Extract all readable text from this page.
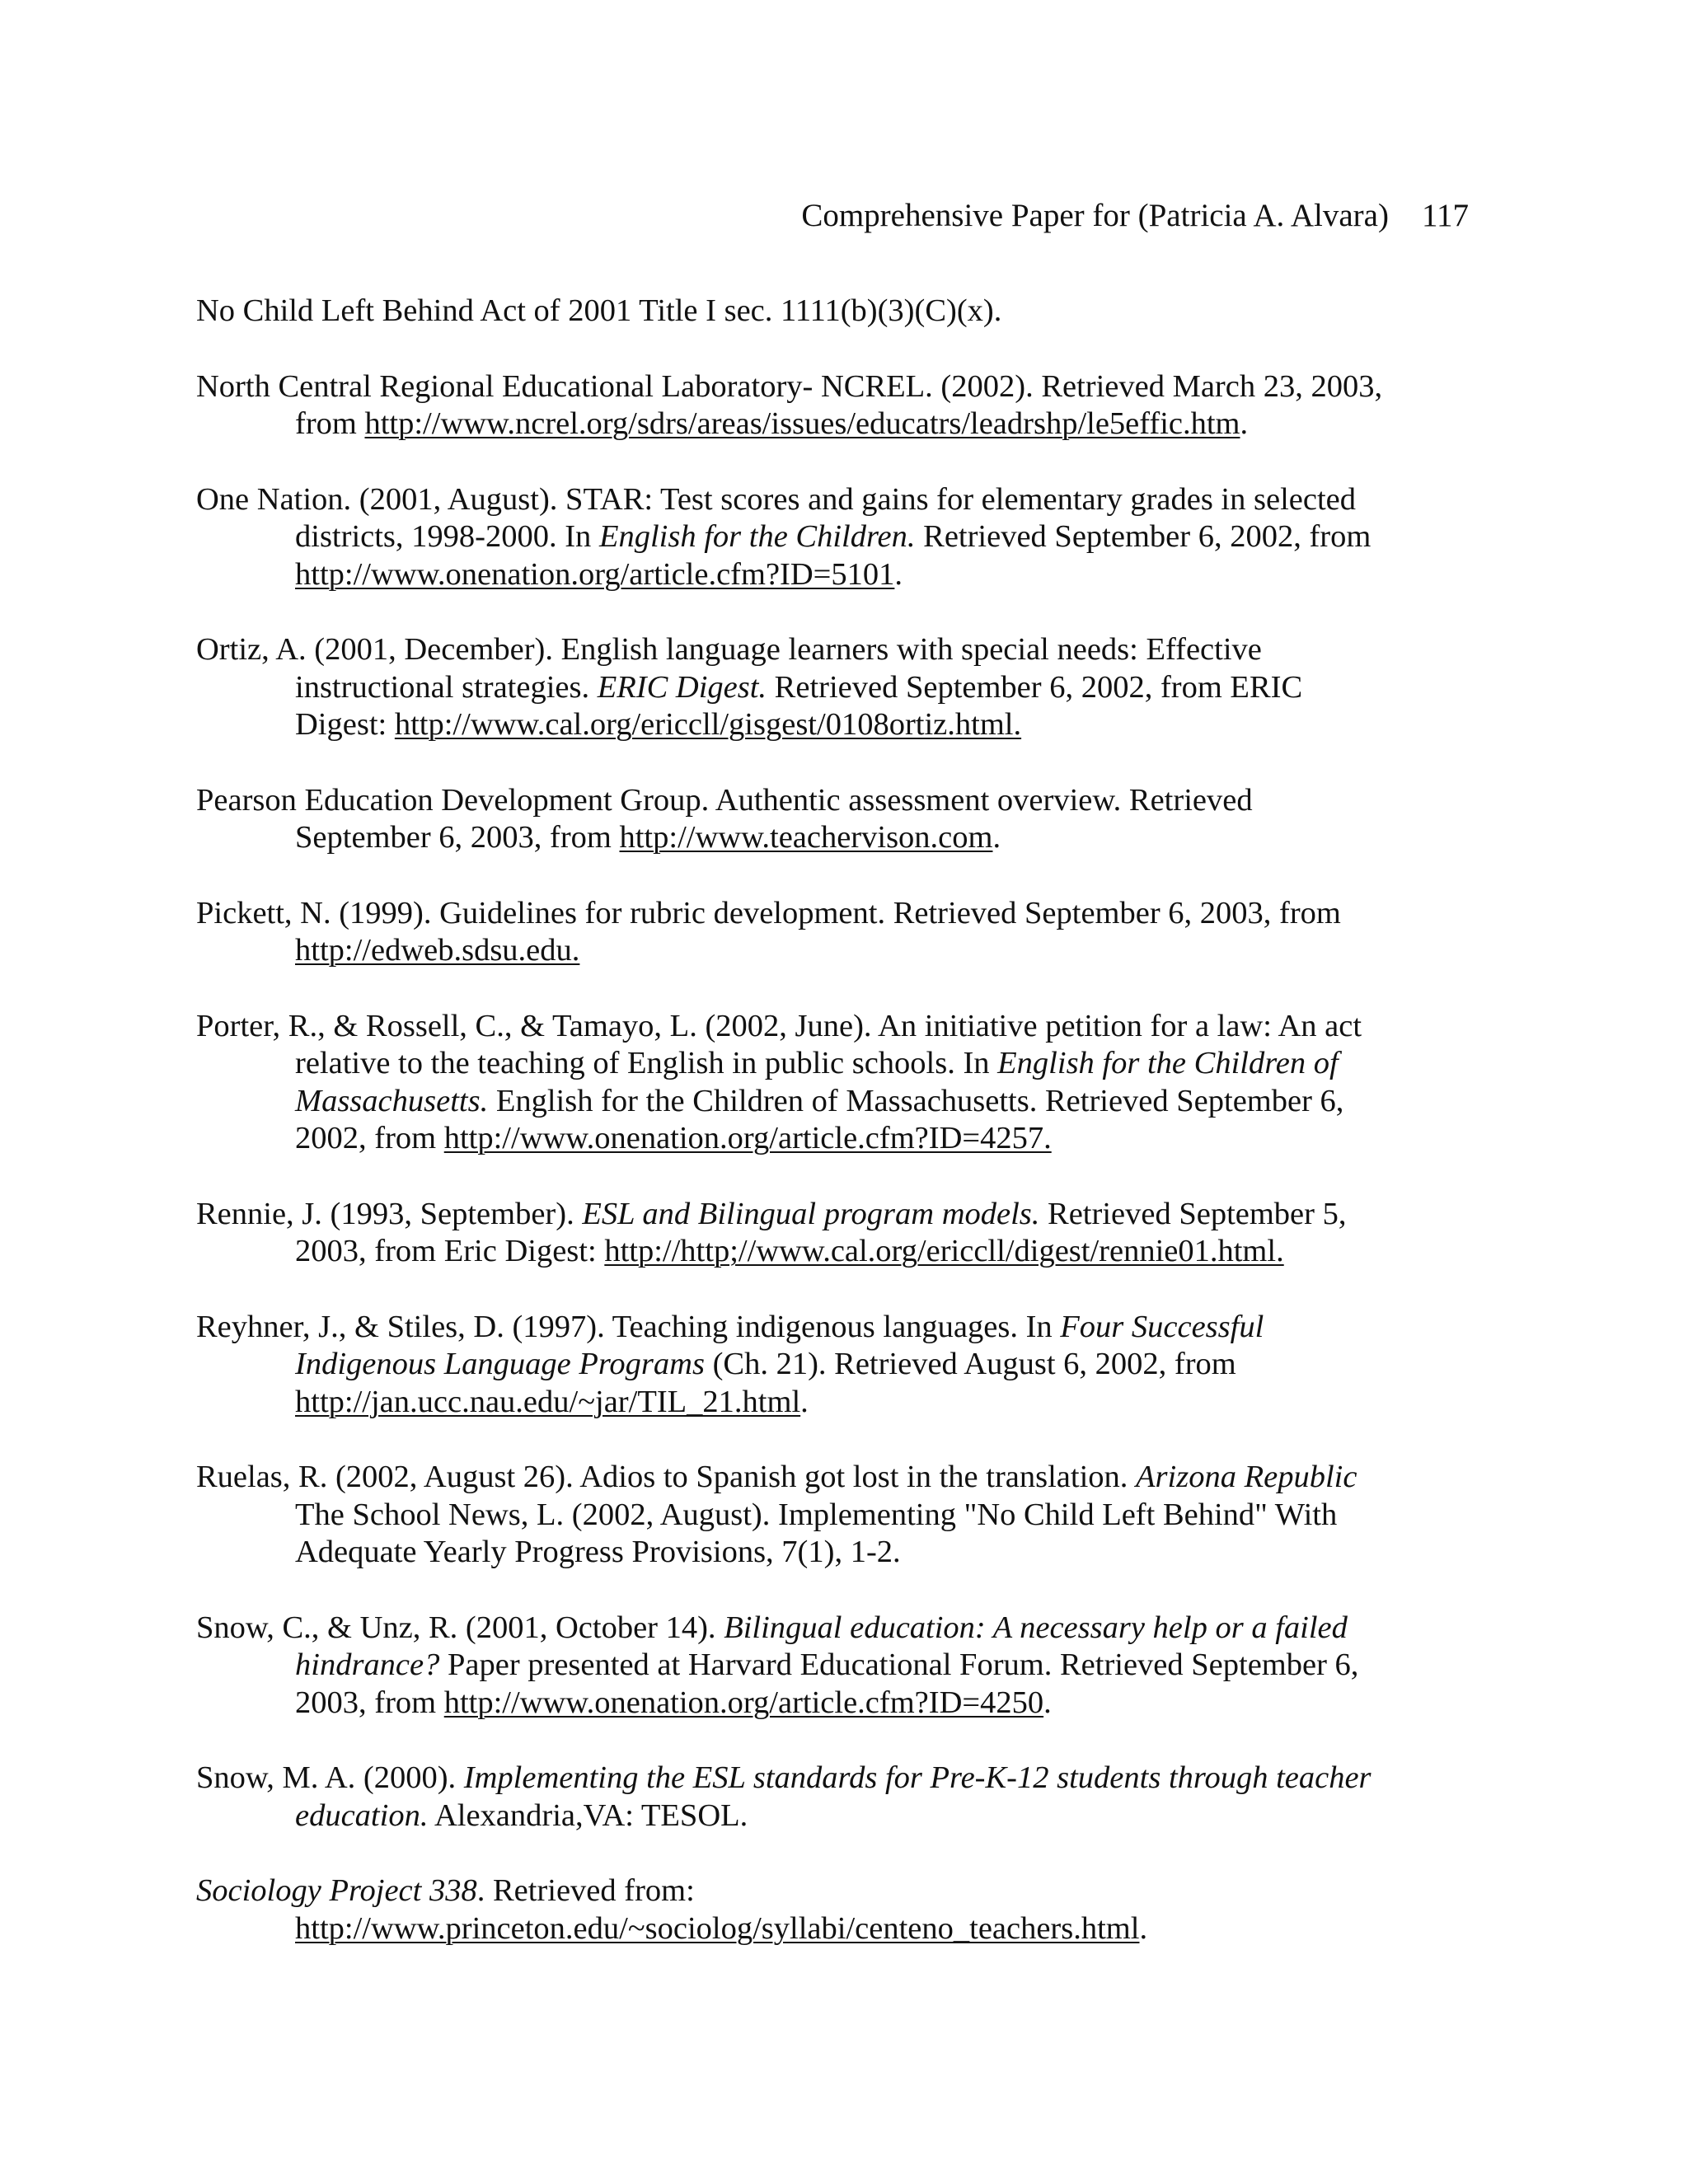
Comprehensive Paper for (Patricia A. Alvara) 117

No Child Left Behind Act of 2001 Title I sec. 1111(b)(3)(C)(x).

North Central Regional Educational Laboratory- NCREL. (2002). Retrieved March 23, 2003, from http://www.ncrel.org/sdrs/areas/issues/educatrs/leadrshp/le5effic.htm.

One Nation. (2001, August). STAR: Test scores and gains for elementary grades in selected districts, 1998-2000. In English for the Children. Retrieved September 6, 2002, from http://www.onenation.org/article.cfm?ID=5101.

Ortiz, A. (2001, December). English language learners with special needs: Effective instructional strategies. ERIC Digest. Retrieved September 6, 2002, from ERIC Digest: http://www.cal.org/ericcll/gisgest/0108ortiz.html.

Pearson Education Development Group. Authentic assessment overview. Retrieved September 6, 2003, from http://www.teachervison.com.

Pickett, N. (1999). Guidelines for rubric development. Retrieved September 6, 2003, from http://edweb.sdsu.edu.

Porter, R., & Rossell, C., & Tamayo, L. (2002, June). An initiative petition for a law: An act relative to the teaching of English in public schools. In English for the Children of Massachusetts. English for the Children of Massachusetts. Retrieved September 6, 2002, from http://www.onenation.org/article.cfm?ID=4257.

Rennie, J. (1993, September). ESL and Bilingual program models. Retrieved September 5, 2003, from Eric Digest: http://http;//www.cal.org/ericcll/digest/rennie01.html.

Reyhner, J., & Stiles, D. (1997). Teaching indigenous languages. In Four Successful Indigenous Language Programs (Ch. 21). Retrieved August 6, 2002, from http://jan.ucc.nau.edu/~jar/TIL_21.html.

Ruelas, R. (2002, August 26). Adios to Spanish got lost in the translation. Arizona Republic The School News, L. (2002, August). Implementing "No Child Left Behind" With Adequate Yearly Progress Provisions, 7(1), 1-2.

Snow, C., & Unz, R. (2001, October 14). Bilingual education: A necessary help or a failed hindrance? Paper presented at Harvard Educational Forum. Retrieved September 6, 2003, from http://www.onenation.org/article.cfm?ID=4250.

Snow, M. A. (2000). Implementing the ESL standards for Pre-K-12 students through teacher education. Alexandria,VA: TESOL.

Sociology Project 338. Retrieved from: http://www.princeton.edu/~sociolog/syllabi/centeno_teachers.html.
